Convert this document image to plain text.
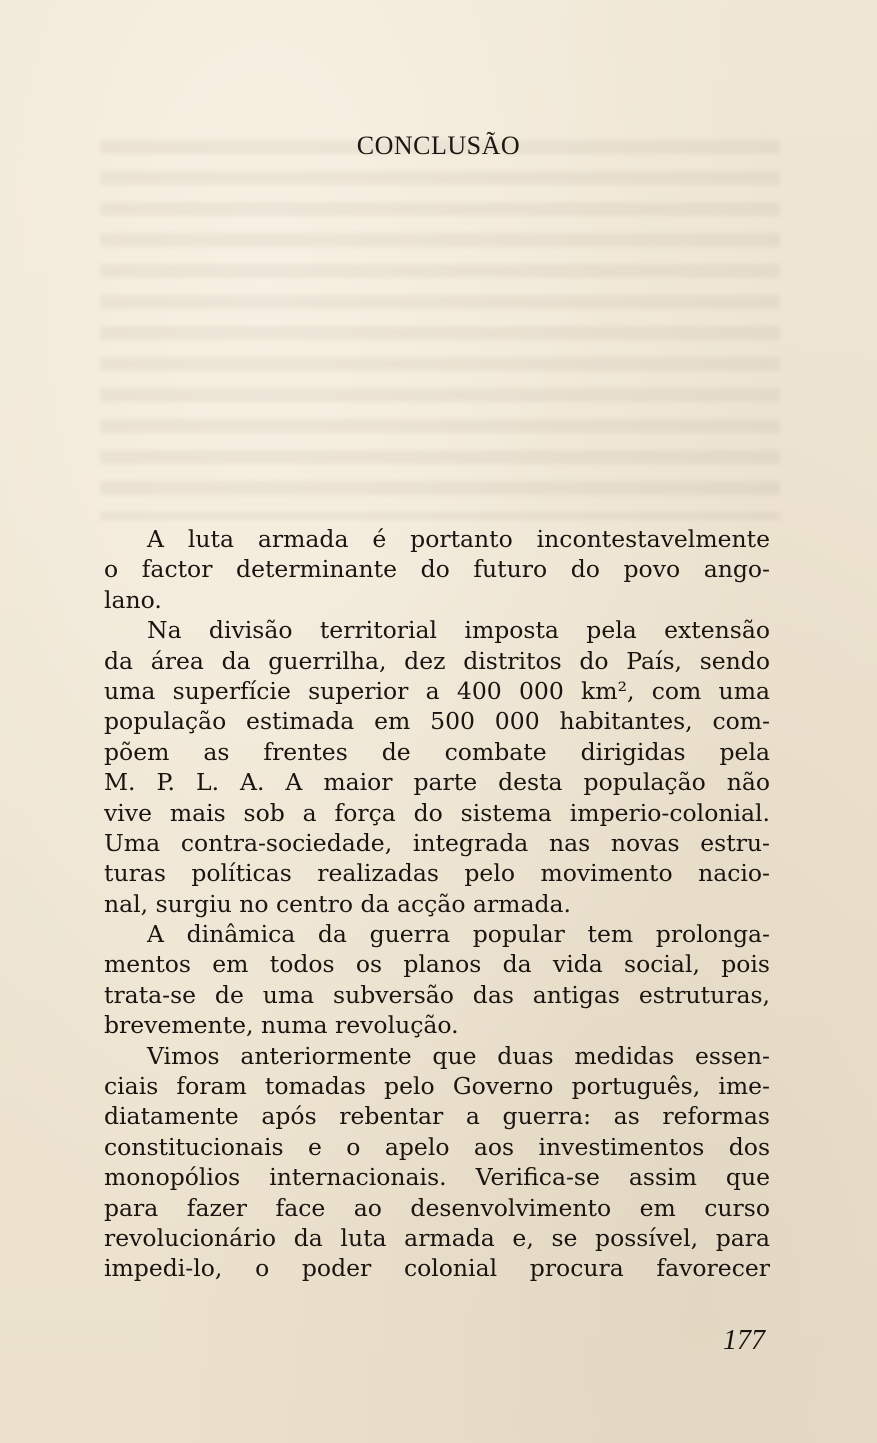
CONCLUSÃO
A luta armada é portanto incontestavelmente
o factor determinante do futuro do povo ango-
lano.
Na divisão territorial imposta pela extensão
da área da guerrilha, dez distritos do País, sendo
uma superfície superior a 400 000 km², com uma
população estimada em 500 000 habitantes, com-
põem as frentes de combate dirigidas pela
M. P. L. A. A maior parte desta população não
vive mais sob a força do sistema imperio-colonial.
Uma contra-sociedade, integrada nas novas estru-
turas políticas realizadas pelo movimento nacio-
nal, surgiu no centro da acção armada.
A dinâmica da guerra popular tem prolonga-
mentos em todos os planos da vida social, pois
trata-se de uma subversão das antigas estruturas,
brevemente, numa revolução.
Vimos anteriormente que duas medidas essen-
ciais foram tomadas pelo Governo português, ime-
diatamente após rebentar a guerra: as reformas
constitucionais e o apelo aos investimentos dos
monopólios internacionais. Verifica-se assim que
para fazer face ao desenvolvimento em curso
revolucionário da luta armada e, se possível, para
impedi-lo, o poder colonial procura favorecer
177
